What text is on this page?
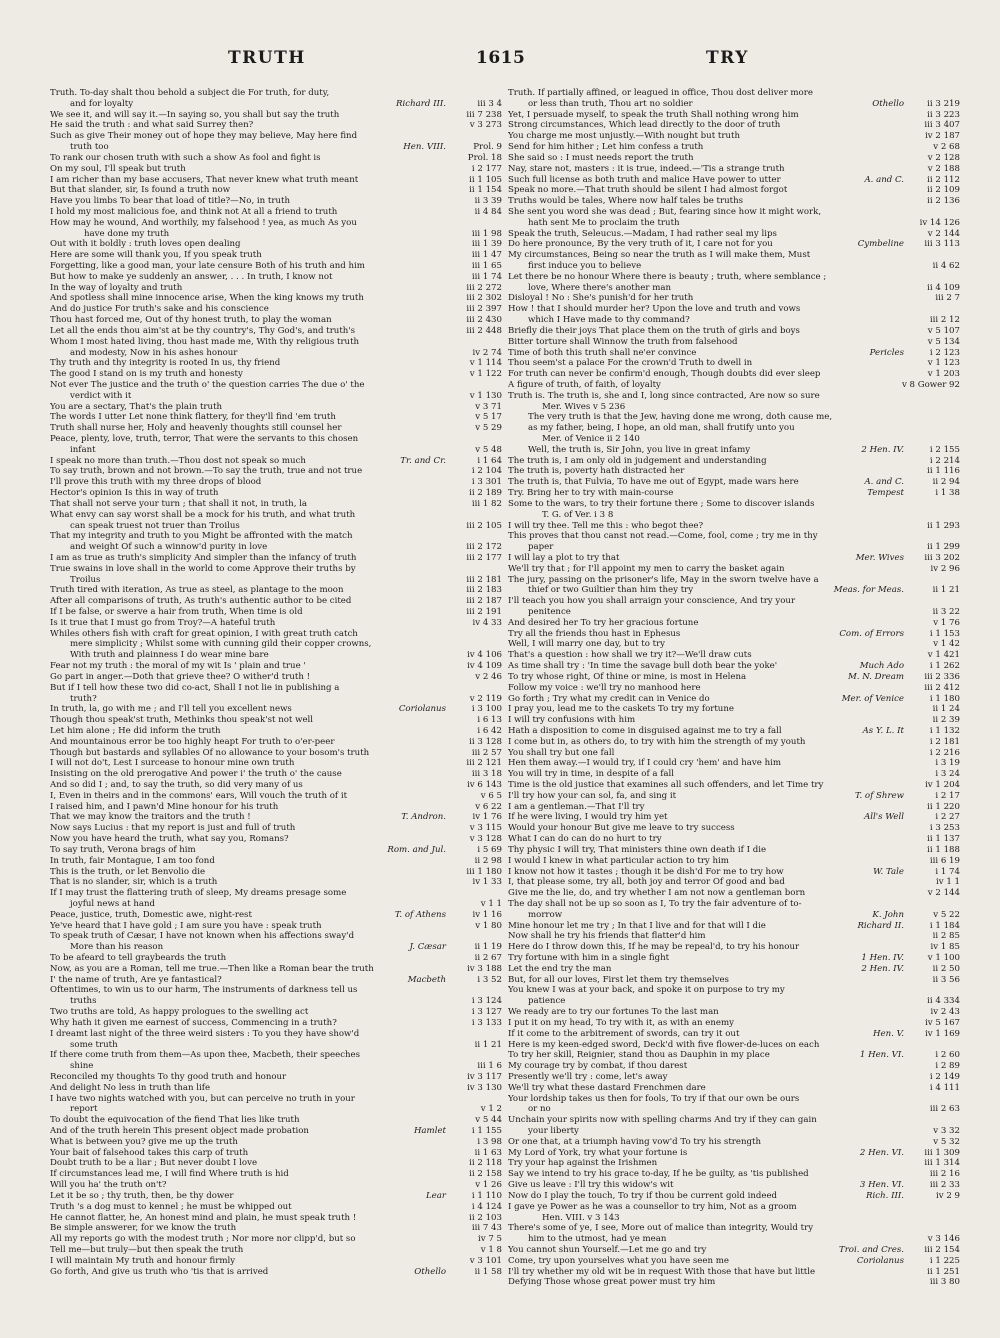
TRUTH	1615	TRY
Truth. To-day shalt thou behold a subject die For truth, for duty,
and for loyalty	Richard III.	iii 3 4
We see it, and will say it.—In saying so, you shall but say the truth	iii 7 238
He said the truth : and what said Surrey then?	v 3 273
Such as give Their money out of hope they may believe, May here find
truth too	Hen. VIII.	Prol. 9
To rank our chosen truth with such a show As fool and fight is	Prol. 18
On my soul, I'll speak but truth	i 2 177
I am richer than my base accusers, That never knew what truth meant	ii 1 105
But that slander, sir, Is found a truth now	ii 1 154
Have you limbs To bear that load of title?—No, in truth	ii 3 39
I hold my most malicious foe, and think not At all a friend to truth	ii 4 84
How may he wound, And worthily, my falsehood ! yea, as much As you
have done my truth	iii 1 98
Out with it boldly : truth loves open dealing	iii 1 39
Here are some will thank you, If you speak truth	iii 1 47
Forgetting, like a good man, your late censure Both of his truth and him	iii 1 65
But how to make ye suddenly an answer, . . . In truth, I know not	iii 1 74
In the way of loyalty and truth	iii 2 272
And spotless shall mine innocence arise, When the king knows my truth	iii 2 302
And do justice For truth's sake and his conscience	iii 2 397
Thou hast forced me, Out of thy honest truth, to play the woman	iii 2 430
Let all the ends thou aim'st at be thy country's, Thy God's, and truth's	iii 2 448
Whom I most hated living, thou hast made me, With thy religious truth
and modesty, Now in his ashes honour	iv 2 74
Thy truth and thy integrity is rooted In us, thy friend	v 1 114
The good I stand on is my truth and honesty	v 1 122
Not ever The justice and the truth o' the question carries The due o' the
verdict with it	v 1 130
You are a sectary, That's the plain truth	v 3 71
The words I utter Let none think flattery, for they'll find 'em truth	v 5 17
Truth shall nurse her, Holy and heavenly thoughts still counsel her	v 5 29
Peace, plenty, love, truth, terror, That were the servants to this chosen
infant	v 5 48
I speak no more than truth.—Thou dost not speak so much	Tr. and Cr.	i 1 64
To say truth, brown and not brown.—To say the truth, true and not true	i 2 104
I'll prove this truth with my three drops of blood	i 3 301
Hector's opinion Is this in way of truth	ii 2 189
That shall not serve your turn ; that shall it not, in truth, la	iii 1 82
What envy can say worst shall be a mock for his truth, and what truth
can speak truest not truer than Troilus	iii 2 105
That my integrity and truth to you Might be affronted with the match
and weight Of such a winnow'd purity in love	iii 2 172
I am as true as truth's simplicity And simpler than the infancy of truth	iii 2 177
True swains in love shall in the world to come Approve their truths by
Troilus	iii 2 181
Truth tired with iteration, As true as steel, as plantage to the moon	iii 2 183
After all comparisons of truth, As truth's authentic author to be cited	iii 2 187
If I be false, or swerve a hair from truth, When time is old	iii 2 191
Is it true that I must go from Troy?—A hateful truth	iv 4 33
Whiles others fish with craft for great opinion, I with great truth catch
mere simplicity ; Whilst some with cunning gild their copper crowns,
With truth and plainness I do wear mine bare	iv 4 106
Fear not my truth : the moral of my wit Is ' plain and true '	iv 4 109
Go part in anger.—Doth that grieve thee? O wither'd truth !	v 2 46
But if I tell how these two did co-act, Shall I not lie in publishing a
truth?	v 2 119
In truth, la, go with me ; and I'll tell you excellent news	Coriolanus	i 3 100
Though thou speak'st truth, Methinks thou speak'st not well	i 6 13
Let him alone ; He did inform the truth	i 6 42
And mountainous error be too highly heapt For truth to o'er-peer	ii 3 128
Though but bastards and syllables Of no allowance to your bosom's truth	iii 2 57
I will not do't, Lest I surcease to honour mine own truth	iii 2 121
Insisting on the old prerogative And power i' the truth o' the cause	iii 3 18
And so did I ; and, to say the truth, so did very many of us	iv 6 143
I, Even in theirs and in the commons' ears, Will vouch the truth of it	v 6 5
I raised him, and I pawn'd Mine honour for his truth	v 6 22
That we may know the traitors and the truth !	T. Andron.	iv 1 76
Now says Lucius : that my report is just and full of truth	v 3 115
Now you have heard the truth, what say you, Romans?	v 3 128
To say truth, Verona brags of him	Rom. and Jul.	i 5 69
In truth, fair Montague, I am too fond	ii 2 98
This is the truth, or let Benvolio die	iii 1 180
That is no slander, sir, which is a truth	iv 1 33
If I may trust the flattering truth of sleep, My dreams presage some
joyful news at hand	v 1 1
Peace, justice, truth, Domestic awe, night-rest	T. of Athens	iv 1 16
Ye've heard that I have gold ; I am sure you have : speak truth	v 1 80
To speak truth of Cæsar, I have not known when his affections sway'd
More than his reason	J. Cæsar	ii 1 19
To be afeard to tell graybeards the truth	ii 2 67
Now, as you are a Roman, tell me true.—Then like a Roman bear the truth	iv 3 188
I' the name of truth, Are ye fantastical?	Macbeth	i 3 52
Oftentimes, to win us to our harm, The instruments of darkness tell us
truths	i 3 124
Two truths are told, As happy prologues to the swelling act	i 3 127
Why hath it given me earnest of success, Commencing in a truth?	i 3 133
I dreamt last night of the three weird sisters : To you they have show'd
some truth	ii 1 21
If there come truth from them—As upon thee, Macbeth, their speeches
shine	iii 1 6
Reconciled my thoughts To thy good truth and honour	iv 3 117
And delight No less in truth than life	iv 3 130
I have two nights watched with you, but can perceive no truth in your
report	v 1 2
To doubt the equivocation of the fiend That lies like truth	v 5 44
And of the truth herein This present object made probation	Hamlet	i 1 155
What is between you? give me up the truth	i 3 98
Your bait of falsehood takes this carp of truth	ii 1 63
Doubt truth to be a liar ; But never doubt I love	ii 2 118
If circumstances lead me, I will find Where truth is hid	ii 2 158
Will you ha' the truth on't?	v 1 26
Let it be so ; thy truth, then, be thy dower	Lear	i 1 110
Truth 's a dog must to kennel ; he must be whipped out	i 4 124
He cannot flatter, he, An honest mind and plain, he must speak truth !	ii 2 103
Be simple answerer, for we know the truth	iii 7 43
All my reports go with the modest truth ; Nor more nor clipp'd, but so	iv 7 5
Tell me—but truly—but then speak the truth	v 1 8
I will maintain My truth and honour firmly	v 3 101
Go forth, And give us truth who 'tis that is arrived	Othello	ii 1 58
Truth. If partially affined, or leagued in office, Thou dost deliver more
or less than truth, Thou art no soldier	Othello	ii 3 219
Yet, I persuade myself, to speak the truth Shall nothing wrong him	ii 3 223
Strong circumstances, Which lead directly to the door of truth	iii 3 407
You charge me most unjustly.—With nought but truth	iv 2 187
Send for him hither ; Let him confess a truth	v 2 68
She said so : I must needs report the truth	v 2 128
Nay, stare not, masters : it is true, indeed.—'Tis a strange truth	v 2 188
Such full license as both truth and malice Have power to utter	A. and C.	ii 2 112
Speak no more.—That truth should be silent I had almost forgot	ii 2 109
Truths would be tales, Where now half tales be truths	ii 2 136
She sent you word she was dead ; But, fearing since how it might work,
hath sent Me to proclaim the truth	iv 14 126
Speak the truth, Seleucus.—Madam, I had rather seal my lips	v 2 144
Do here pronounce, By the very truth of it, I care not for you	Cymbeline	iii 3 113
My circumstances, Being so near the truth as I will make them, Must
first induce you to believe	ii 4 62
Let there be no honour Where there is beauty ; truth, where semblance ;
love, Where there's another man	ii 4 109
Disloyal ! No : She's punish'd for her truth	iii 2 7
How ! that I should murder her? Upon the love and truth and vows
which I Have made to thy command?	iii 2 12
Briefly die their joys That place them on the truth of girls and boys	v 5 107
Bitter torture shall Winnow the truth from falsehood	v 5 134
Time of both this truth shall ne'er convince	Pericles	i 2 123
Thou seem'st a palace For the crown'd Truth to dwell in	v 1 123
For truth can never be confirm'd enough, Though doubts did ever sleep	v 1 203
A figure of truth, of faith, of loyalty	v 8 Gower 92
Truth is. The truth is, she and I, long since contracted, Are now so sure
Mer. Wives v 5 236
The very truth is that the Jew, having done me wrong, doth cause me,
as my father, being, I hope, an old man, shall frutify unto you
Mer. of Venice ii 2 140
Well, the truth is, Sir John, you live in great infamy	2 Hen. IV.	i 2 155
The truth is, I am only old in judgement and understanding	i 2 214
The truth is, poverty hath distracted her	ii 1 116
The truth is, that Fulvia, To have me out of Egypt, made wars here	A. and C.	ii 2 94
Try. Bring her to try with main-course	Tempest	i 1 38
Some to the wars, to try their fortune there ; Some to discover islands
T. G. of Ver. i 3 8
I will try thee. Tell me this : who begot thee?	ii 1 293
This proves that thou canst not read.—Come, fool, come ; try me in thy
paper	ii 1 299
I will lay a plot to try that	Mer. Wives	iii 3 202
We'll try that ; for I'll appoint my men to carry the basket again	iv 2 96
The jury, passing on the prisoner's life, May in the sworn twelve have a
thief or two Guiltier than him they try	Meas. for Meas.	ii 1 21
I'll teach you how you shall arraign your conscience, And try your
penitence	ii 3 22
And desired her To try her gracious fortune	v 1 76
Try all the friends thou hast in Ephesus	Com. of Errors	i 1 153
Well, I will marry one day, but to try	v 1 42
That's a question : how shall we try it?—We'll draw cuts	v 1 421
As time shall try : 'In time the savage bull doth bear the yoke'	Much Ado	i 1 262
To try whose right, Of thine or mine, is most in Helena	M. N. Dream	iii 2 336
Follow my voice : we'll try no manhood here	iii 2 412
Go forth ; Try what my credit can in Venice do	Mer. of Venice	i 1 180
I pray you, lead me to the caskets To try my fortune	ii 1 24
I will try confusions with him	ii 2 39
Hath a disposition to come in disguised against me to try a fall	As Y. L. It	i 1 132
I come but in, as others do, to try with him the strength of my youth	i 2 181
You shall try but one fall	i 2 216
Hen them away.—I would try, if I could cry 'hem' and have him	i 3 19
You will try in time, in despite of a fall	i 3 24
Time is the old justice that examines all such offenders, and let Time try	iv 1 204
I'll try how your can sol, fa, and sing it	T. of Shrew	i 2 17
I am a gentleman.—That I'll try	ii 1 220
If he were living, I would try him yet	All's Well	i 2 27
Would your honour But give me leave to try success	i 3 253
What I can do can do no hurt to try	ii 1 137
Thy physic I will try, That ministers thine own death if I die	ii 1 188
I would I knew in what particular action to try him	iii 6 19
I know not how it tastes ; though it be dish'd For me to try how	W. Tale	i 1 74
I, that please some, try all, both joy and terror Of good and bad	iv 1 1
Give me the lie, do, and try whether I am not now a gentleman born	v 2 144
The day shall not be up so soon as I, To try the fair adventure of to-
morrow	K. John	v 5 22
Mine honour let me try ; In that I live and for that will I die	Richard II.	i 1 184
Now shall he try his friends that flatter'd him	ii 2 85
Here do I throw down this, If he may be repeal'd, to try his honour	iv 1 85
Try fortune with him in a single fight	1 Hen. IV.	v 1 100
Let the end try the man	2 Hen. IV.	ii 2 50
But, for all our loves, First let them try themselves	ii 3 56
You knew I was at your back, and spoke it on purpose to try my
patience	ii 4 334
We ready are to try our fortunes To the last man	iv 2 43
I put it on my head, To try with it, as with an enemy	iv 5 167
If it come to the arbitrement of swords, can try it out	Hen. V.	iv 1 169
Here is my keen-edged sword, Deck'd with five flower-de-luces on each
To try her skill, Reignier, stand thou as Dauphin in my place	1 Hen. VI.	i 2 60
My courage try by combat, if thou darest	i 2 89
Presently we'll try : come, let's away	i 2 149
We'll try what these dastard Frenchmen dare	i 4 111
Your lordship takes us then for fools, To try if that our own be ours
or no	iii 2 63
Unchain your spirits now with spelling charms And try if they can gain
your liberty	v 3 32
Or one that, at a triumph having vow'd To try his strength	v 5 32
My Lord of York, try what your fortune is	2 Hen. VI.	iii 1 309
Try your hap against the Irishmen	iii 1 314
Say we intend to try his grace to-day, If he be guilty, as 'tis published	iii 2 16
Give us leave : I'll try this widow's wit	3 Hen. VI.	iii 2 33
Now do I play the touch, To try if thou be current gold indeed	Rich. III.	iv 2 9
I gave ye Power as he was a counsellor to try him, Not as a groom
Hen. VIII. v 3 143
There's some of ye, I see, More out of malice than integrity, Would try
him to the utmost, had ye mean	v 3 146
You cannot shun Yourself.—Let me go and try	Troi. and Cres.	iii 2 154
Come, try upon yourselves what you have seen me	Coriolanus	i 1 225
I'll try whether my old wit be in request With those that have but little	ii 1 251
Defying Those whose great power must try him	iii 3 80
